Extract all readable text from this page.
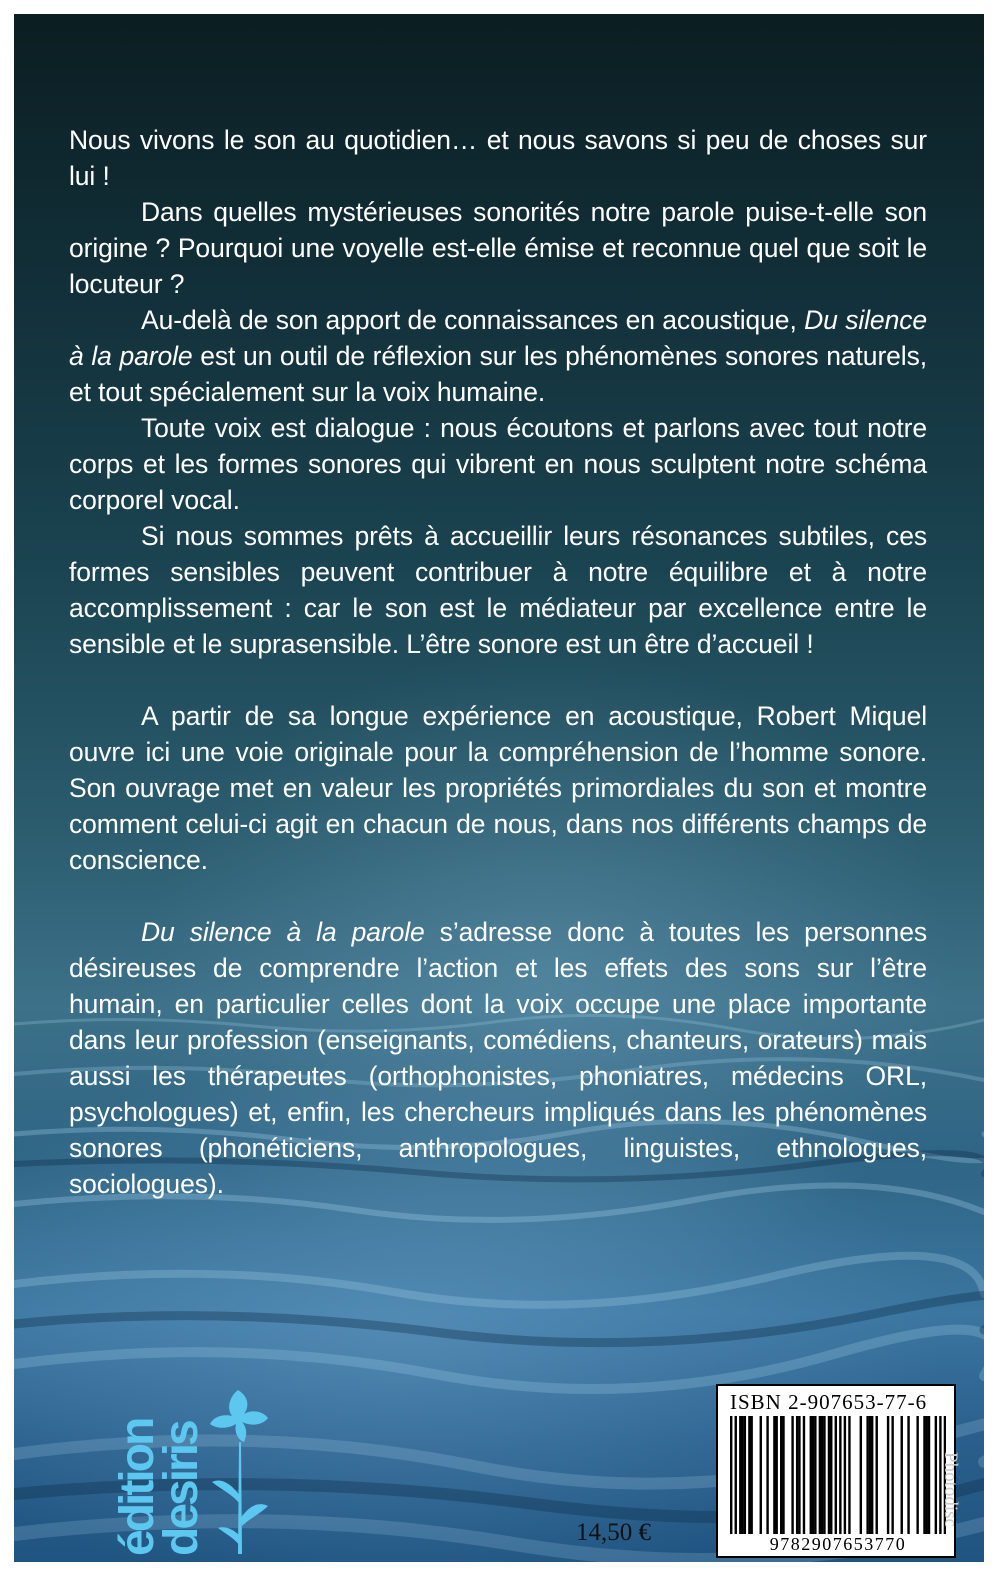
Nous vivons le son au quotidien… et nous savons si peu de choses sur lui !

Dans quelles mystérieuses sonorités notre parole puise-t-elle son origine ? Pourquoi une voyelle est-elle émise et reconnue quel que soit le locuteur ?

Au-delà de son apport de connaissances en acoustique, Du silence à la parole est un outil de réflexion sur les phénomènes sonores naturels, et tout spécialement sur la voix humaine.

Toute voix est dialogue : nous écoutons et parlons avec tout notre corps et les formes sonores qui vibrent en nous sculptent notre schéma corporel vocal.

Si nous sommes prêts à accueillir leurs résonances subtiles, ces formes sensibles peuvent contribuer à notre équilibre et à notre accomplissement : car le son est le médiateur par excellence entre le sensible et le suprasensible. L’être sonore est un être d’accueil !

A partir de sa longue expérience en acoustique, Robert Miquel ouvre ici une voie originale pour la compréhension de l’homme sonore. Son ouvrage met en valeur les propriétés primordiales du son et montre comment celui-ci agit en chacun de nous, dans nos différents champs de conscience.

Du silence à la parole s’adresse donc à toutes les personnes désireuses de comprendre l’action et les effets des sons sur l’être humain, en particulier celles dont la voix occupe une place importante dans leur profession (enseignants, comédiens, chanteurs, orateurs) mais aussi les thérapeutes (orthophonistes, phoniatres, médecins ORL, psychologues) et, enfin, les chercheurs impliqués dans les phénomènes sonores (phonéticiens, anthropologues, linguistes, ethnologues, sociologues).

édition
desiris	14,50 €
ISBN 2-907653-77-6
9782907653770
Photodisc
